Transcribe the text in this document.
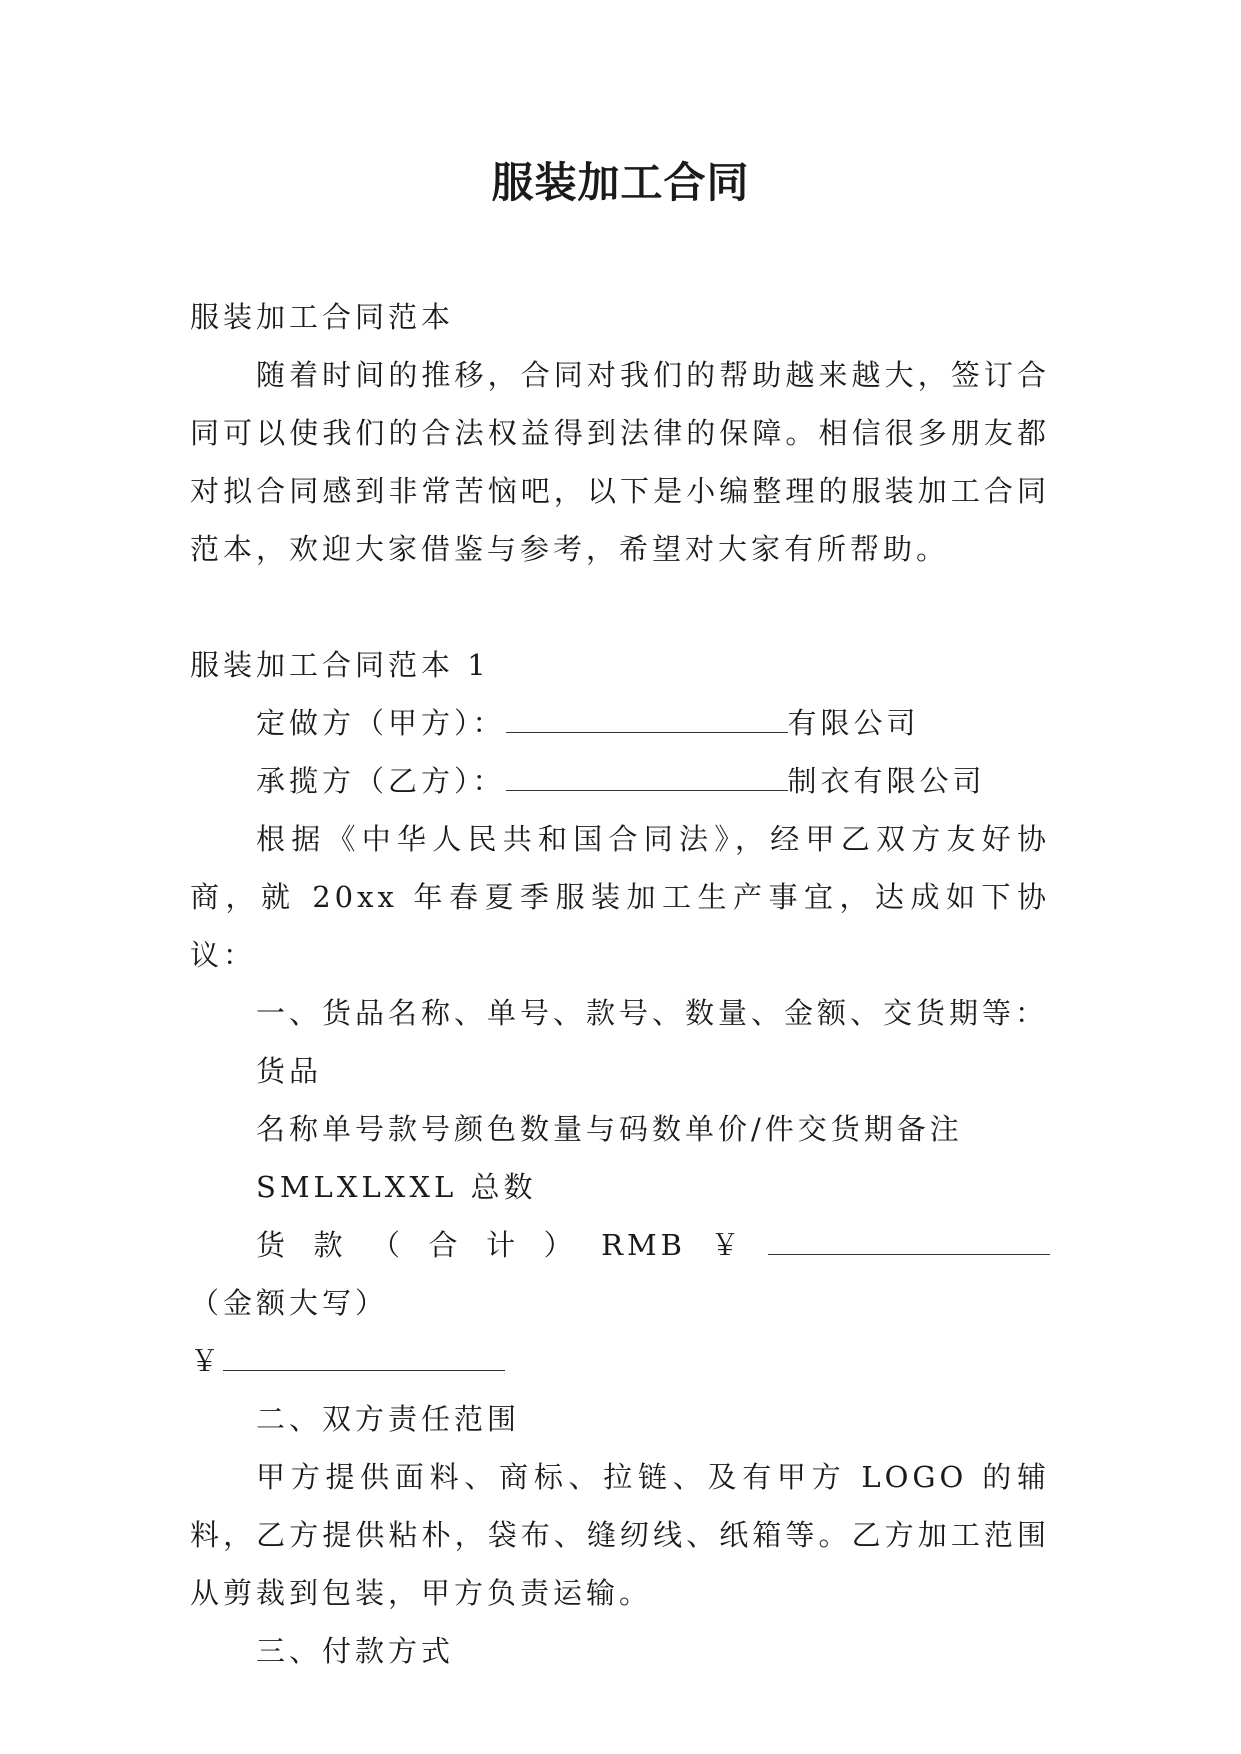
服装加工合同

服装加工合同范本

随着时间的推移，合同对我们的帮助越来越大，签订合同可以使我们的合法权益得到法律的保障。相信很多朋友都对拟合同感到非常苦恼吧，以下是小编整理的服装加工合同范本，欢迎大家借鉴与参考，希望对大家有所帮助。

服装加工合同范本 1

定做方（甲方）：	有限公司

承揽方（乙方）：	制衣有限公司

根据《中华人民共和国合同法》，经甲乙双方友好协商，就 20xx 年春夏季服装加工生产事宜，达成如下协议：

一、货品名称、单号、款号、数量、金额、交货期等：

货品

名称单号款号颜色数量与码数单价/件交货期备注

SMLXLXXL 总数

货款（合计）RMB￥（金额大写）

￥

二、双方责任范围

甲方提供面料、商标、拉链、及有甲方 LOGO 的辅料，乙方提供粘朴，袋布、缝纫线、纸箱等。乙方加工范围从剪裁到包装，甲方负责运输。

三、付款方式
